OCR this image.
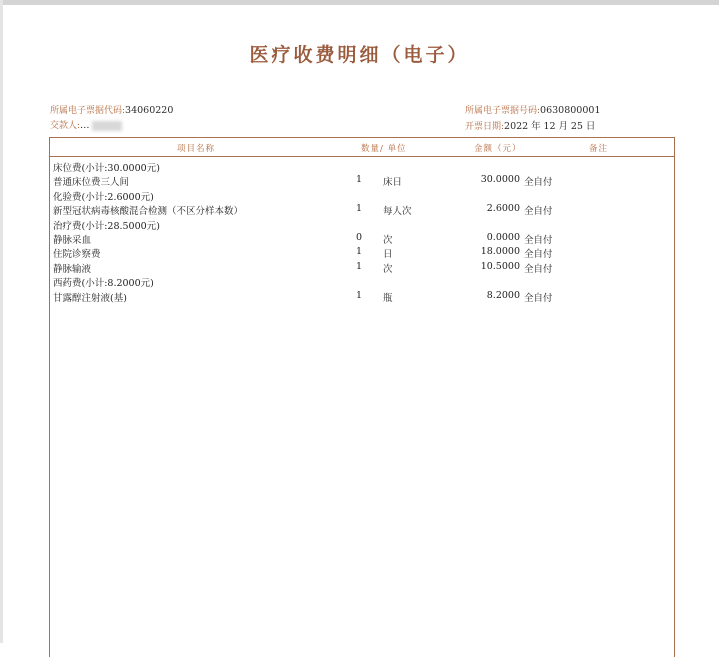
医疗收费明细（电子）
所属电子票据代码:34060220
交款人:…
所属电子票据号码:0630800001
开票日期:2022 年 12 月 25 日
项目名称	数量/ 单位	金额（元）	备注
床位费(小计:30.0000元)
普通床位费三人间	1 床日	30.0000 全自付
化验费(小计:2.6000元)
新型冠状病毒核酸混合检测（不区分样本数）	1 每人次	2.6000 全自付
治疗费(小计:28.5000元)
静脉采血	0 次	0.0000 全自付
住院诊察费	1 日	18.0000 全自付
静脉输液	1 次	10.5000 全自付
西药费(小计:8.2000元)
甘露醇注射液(基)	1 瓶	8.2000 全自付
